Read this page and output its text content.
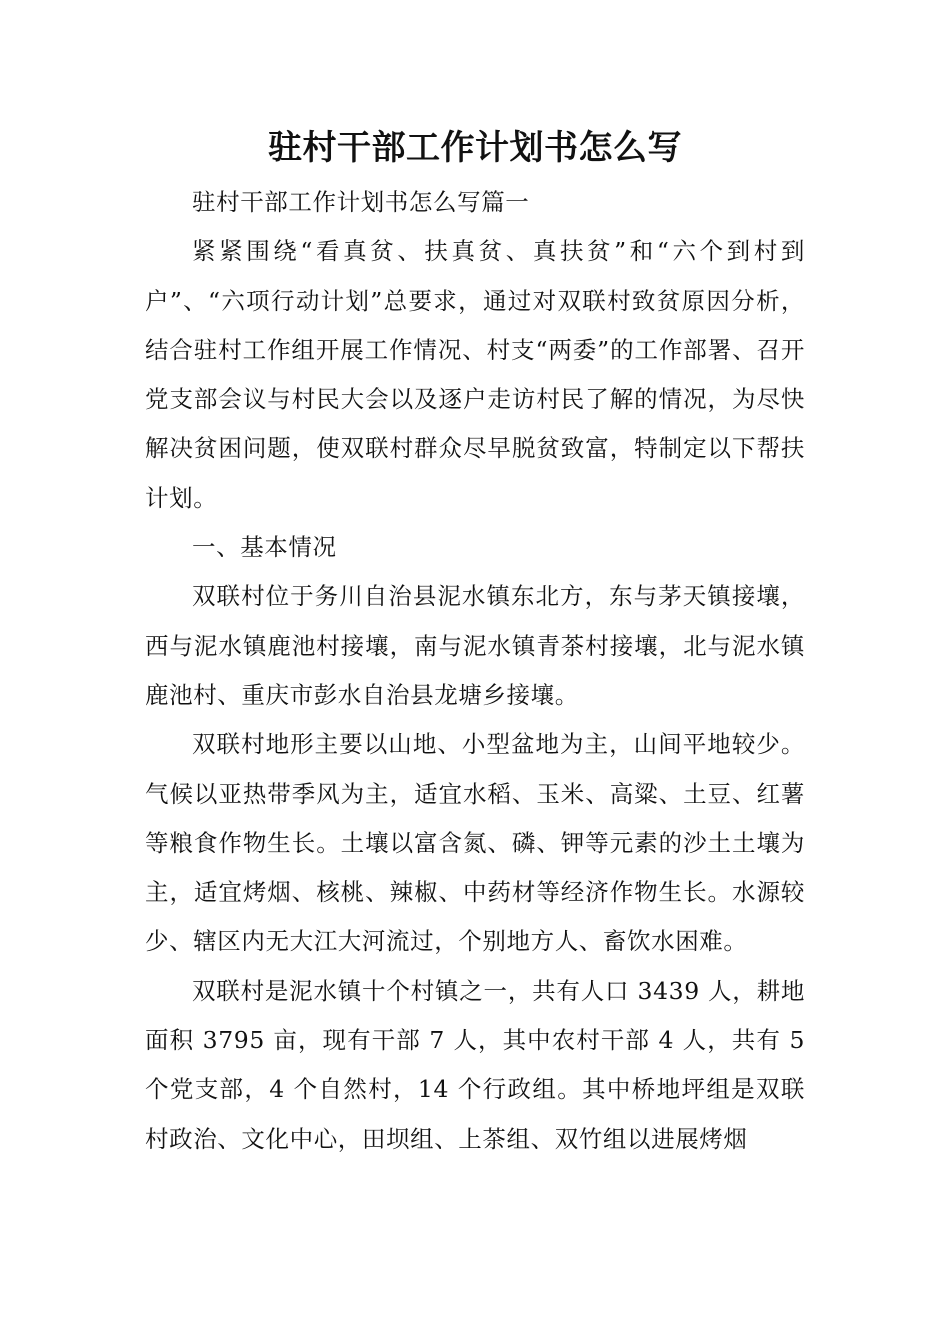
驻村干部工作计划书怎么写

驻村干部工作计划书怎么写篇一

紧紧围绕“看真贫、扶真贫、真扶贫”和“六个到村到户”、“六项行动计划”总要求，通过对双联村致贫原因分析，结合驻村工作组开展工作情况、村支“两委”的工作部署、召开党支部会议与村民大会以及逐户走访村民了解的情况，为尽快解决贫困问题，使双联村群众尽早脱贫致富，特制定以下帮扶计划。

一、基本情况

双联村位于务川自治县泥水镇东北方，东与茅天镇接壤，西与泥水镇鹿池村接壤，南与泥水镇青茶村接壤，北与泥水镇鹿池村、重庆市彭水自治县龙塘乡接壤。

双联村地形主要以山地、小型盆地为主，山间平地较少。气候以亚热带季风为主，适宜水稻、玉米、高粱、土豆、红薯等粮食作物生长。土壤以富含氮、磷、钾等元素的沙土土壤为主，适宜烤烟、核桃、辣椒、中药材等经济作物生长。水源较少、辖区内无大江大河流过，个别地方人、畜饮水困难。

双联村是泥水镇十个村镇之一，共有人口 3439 人，耕地面积 3795 亩，现有干部 7 人，其中农村干部 4 人，共有 5 个党支部，4 个自然村，14 个行政组。其中桥地坪组是双联村政治、文化中心，田坝组、上茶组、双竹组以进展烤烟
